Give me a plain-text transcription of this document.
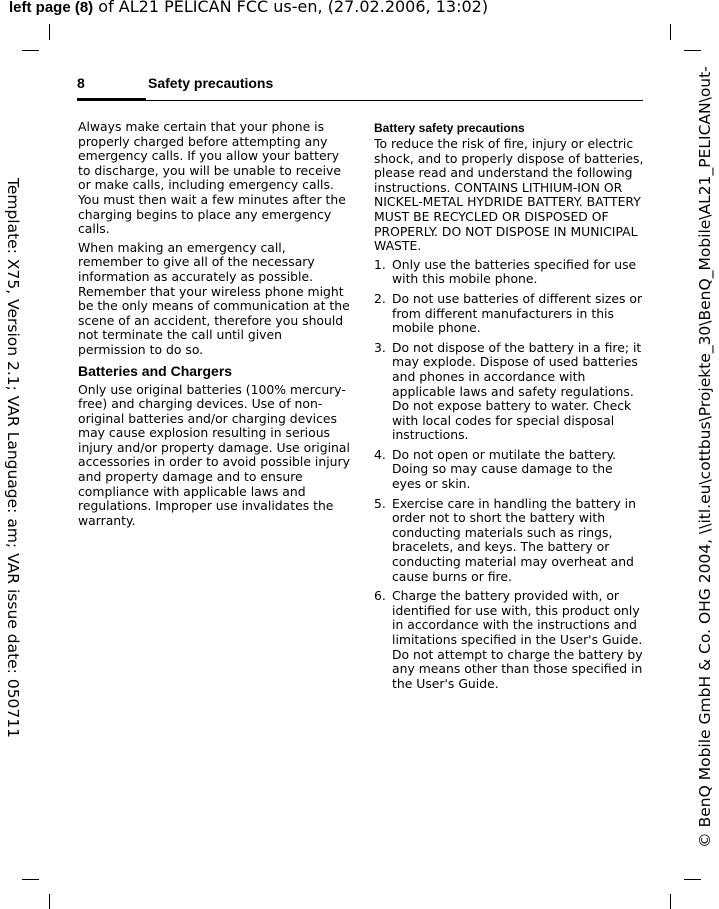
left page (8) of AL21 PELICAN FCC us-en, (27.02.2006, 13:02)
Template: X75, Version 2.1; VAR Language: am; VAR issue date: 050711	© BenQ Mobile GmbH & Co. OHG 2004, \\itl.eu\cottbus\Projekte_30\BenQ_Mobile\AL21_PELICAN\out-
8	Safety precautions

Always make certain that your phone is properly charged before attempting any emergency calls. If you allow your battery to discharge, you will be unable to receive or make calls, including emergency calls. You must then wait a few minutes after the charging begins to place any emergency calls.

When making an emergency call, remember to give all of the necessary information as accurately as possible. Remember that your wireless phone might be the only means of communication at the scene of an accident, therefore you should not terminate the call until given permission to do so.

Batteries and Chargers

Only use original batteries (100% mercury-free) and charging devices. Use of non-original batteries and/or charging devices may cause explosion resulting in serious injury and/or property damage. Use original accessories in order to avoid possible injury and property damage and to ensure compliance with applicable laws and regulations. Improper use invalidates the warranty.

Battery safety precautions

To reduce the risk of fire, injury or electric shock, and to properly dispose of batteries, please read and understand the following instructions. CONTAINS LITHIUM-ION OR NICKEL-METAL HYDRIDE BATTERY. BATTERY MUST BE RECYCLED OR DISPOSED OF PROPERLY. DO NOT DISPOSE IN MUNICIPAL WASTE.

1. Only use the batteries specified for use with this mobile phone.
2. Do not use batteries of different sizes or from different manufacturers in this mobile phone.
3. Do not dispose of the battery in a fire; it may explode. Dispose of used batteries and phones in accordance with applicable laws and safety regulations. Do not expose battery to water. Check with local codes for special disposal instructions.
4. Do not open or mutilate the battery. Doing so may cause damage to the eyes or skin.
5. Exercise care in handling the battery in order not to short the battery with conducting materials such as rings, bracelets, and keys. The battery or conducting material may overheat and cause burns or fire.
6. Charge the battery provided with, or identified for use with, this product only in accordance with the instructions and limitations specified in the User's Guide. Do not attempt to charge the battery by any means other than those specified in the User's Guide.
